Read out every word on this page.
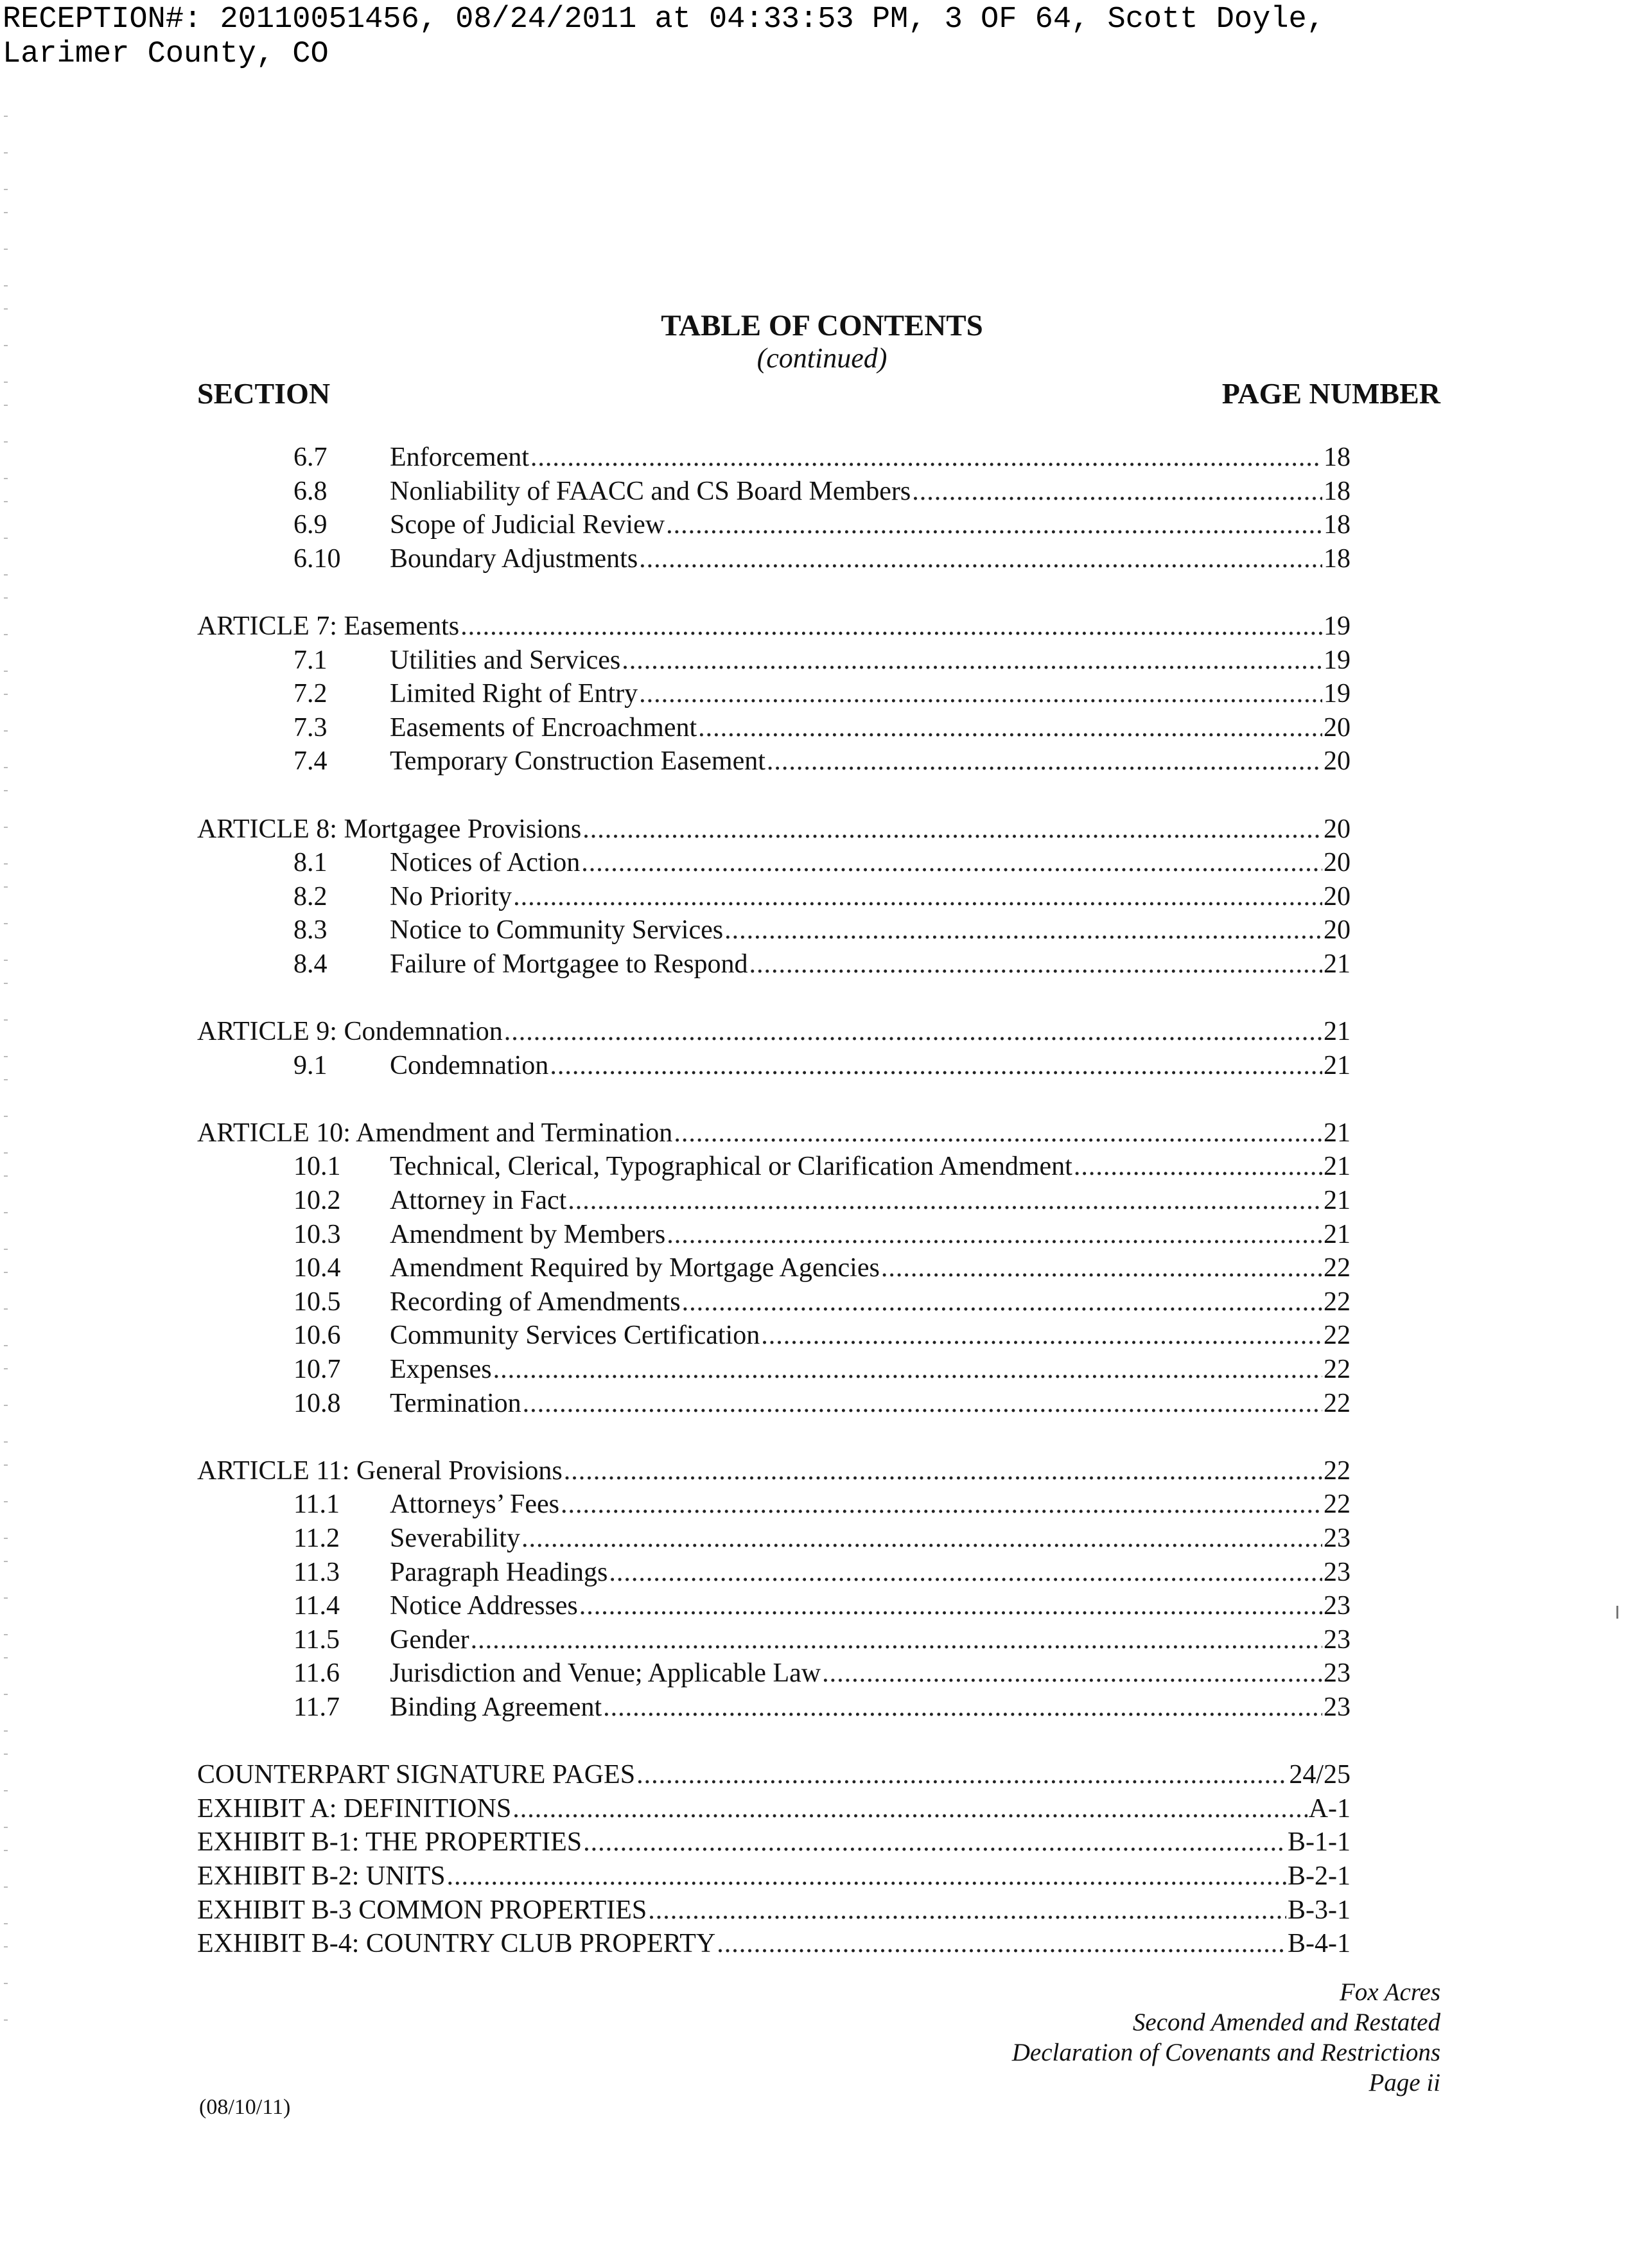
RECEPTION#: 20110051456, 08/24/2011 at 04:33:53 PM, 3 OF 64, Scott Doyle,
Larimer County, CO
TABLE OF CONTENTS
(continued)
SECTION	PAGE NUMBER
6.7	Enforcement .....	18
6.8	Nonliability of FAACC and CS Board Members .....	18
6.9	Scope of Judicial Review .....	18
6.10	Boundary Adjustments .....	18
ARTICLE 7: Easements .....	19
7.1	Utilities and Services .....	19
7.2	Limited Right of Entry .....	19
7.3	Easements of Encroachment .....	20
7.4	Temporary Construction Easement .....	20
ARTICLE 8: Mortgagee Provisions .....	20
8.1	Notices of Action .....	20
8.2	No Priority .....	20
8.3	Notice to Community Services .....	20
8.4	Failure of Mortgagee to Respond .....	21
ARTICLE 9: Condemnation .....	21
9.1	Condemnation .....	21
ARTICLE 10: Amendment and Termination .....	21
10.1	Technical, Clerical, Typographical or Clarification Amendment .....	21
10.2	Attorney in Fact .....	21
10.3	Amendment by Members .....	21
10.4	Amendment Required by Mortgage Agencies .....	22
10.5	Recording of Amendments .....	22
10.6	Community Services Certification .....	22
10.7	Expenses .....	22
10.8	Termination .....	22
ARTICLE 11: General Provisions .....	22
11.1	Attorneys’ Fees .....	22
11.2	Severability .....	23
11.3	Paragraph Headings .....	23
11.4	Notice Addresses .....	23
11.5	Gender .....	23
11.6	Jurisdiction and Venue; Applicable Law .....	23
11.7	Binding Agreement .....	23
COUNTERPART SIGNATURE PAGES .....	24/25
EXHIBIT A: DEFINITIONS .....	A-1
EXHIBIT B-1: THE PROPERTIES .....	B-1-1
EXHIBIT B-2: UNITS .....	B-2-1
EXHIBIT B-3 COMMON PROPERTIES .....	B-3-1
EXHIBIT B-4: COUNTRY CLUB PROPERTY .....	B-4-1
Fox Acres
Second Amended and Restated
Declaration of Covenants and Restrictions
Page ii
(08/10/11)
